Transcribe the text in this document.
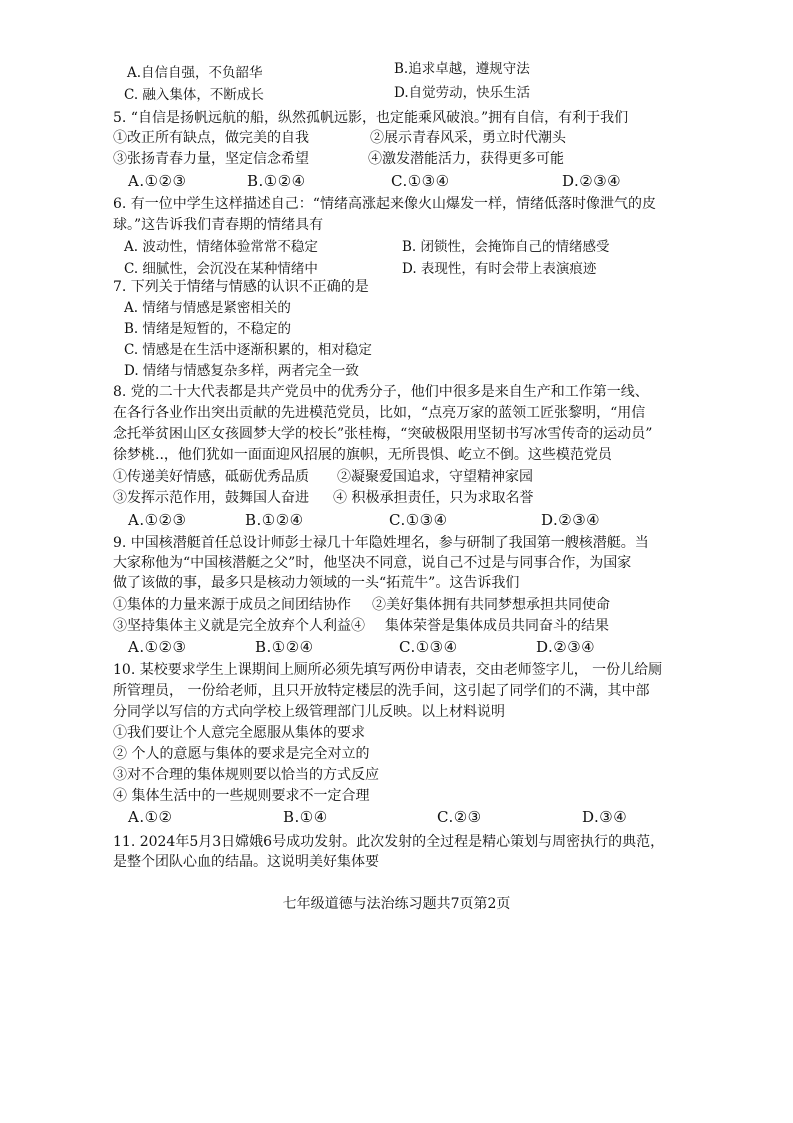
A.自信自强，不负韶华	B.追求卓越，遵规守法
C. 融入集体，不断成长	D.自觉劳动，快乐生活
5. “自信是扬帆远航的船，纵然孤帆远影，也定能乘风破浪。”拥有自信，有利于我们
①改正所有缺点，做完美的自我	②展示青春风采，勇立时代潮头
③张扬青春力量，坚定信念希望	④激发潜能活力，获得更多可能
A.①②③	B.①②④	C.①③④	D.②③④
6. 有一位中学生这样描述自己：“情绪高涨起来像火山爆发一样，情绪低落时像泄气的皮
球。”这告诉我们青春期的情绪具有
A. 波动性，情绪体验常常不稳定	B. 闭锁性，会掩饰自己的情绪感受
C. 细腻性，会沉没在某种情绪中	D. 表现性，有时会带上表演痕迹
7. 下列关于情绪与情感的认识不正确的是
A. 情绪与情感是紧密相关的
B. 情绪是短暂的，不稳定的
C. 情感是在生活中逐渐积累的，相对稳定
D. 情绪与情感复杂多样，两者完全一致
8. 党的二十大代表都是共产党员中的优秀分子，他们中很多是来自生产和工作第一线、
在各行各业作出突出贡献的先进模范党员，比如，“点亮万家的蓝领工匠张黎明，“用信
念托举贫困山区女孩圆梦大学的校长”张桂梅，“突破极限用坚韧书写冰雪传奇的运动员”
徐梦桃..，他们犹如一面面迎风招展的旗帜，无所畏惧、屹立不倒。这些模范党员
①传递美好情感，砥砺优秀品质 ②凝聚爱国追求，守望精神家园
③发挥示范作用，鼓舞国人奋进 ④ 积极承担责任，只为求取名誉
A.①②③	B.①②④	C.①③④	D.②③④
9. 中国核潜艇首任总设计师彭士禄几十年隐姓埋名，参与研制了我国第一艘核潜艇。当
大家称他为“中国核潜艇之父”时，他坚决不同意，说自己不过是与同事合作，为国家
做了该做的事，最多只是核动力领域的一头“拓荒牛”。这告诉我们
①集体的力量来源于成员之间团结协作 ②美好集体拥有共同梦想承担共同使命
③坚持集体主义就是完全放弃个人利益④ 集体荣誉是集体成员共同奋斗的结果
A.①②③	B.①②④	C.①③④	D.②③④
10. 某校要求学生上课期间上厕所必须先填写两份申请表，交由老师签字儿， 一份儿给厕
所管理员， 一份给老师，且只开放特定楼层的洗手间，这引起了同学们的不满，其中部
分同学以写信的方式向学校上级管理部门儿反映。以上材料说明
①我们要让个人意完全愿服从集体的要求
② 个人的意愿与集体的要求是完全对立的
③对不合理的集体规则要以恰当的方式反应
④ 集体生活中的一些规则要求不一定合理
A.①②	B.①④	C.②③	D.③④
11. 2024年5月3日嫦娥6号成功发射。此次发射的全过程是精心策划与周密执行的典范，
是整个团队心血的结晶。这说明美好集体要
七年级道德与法治练习题共7页第2页
